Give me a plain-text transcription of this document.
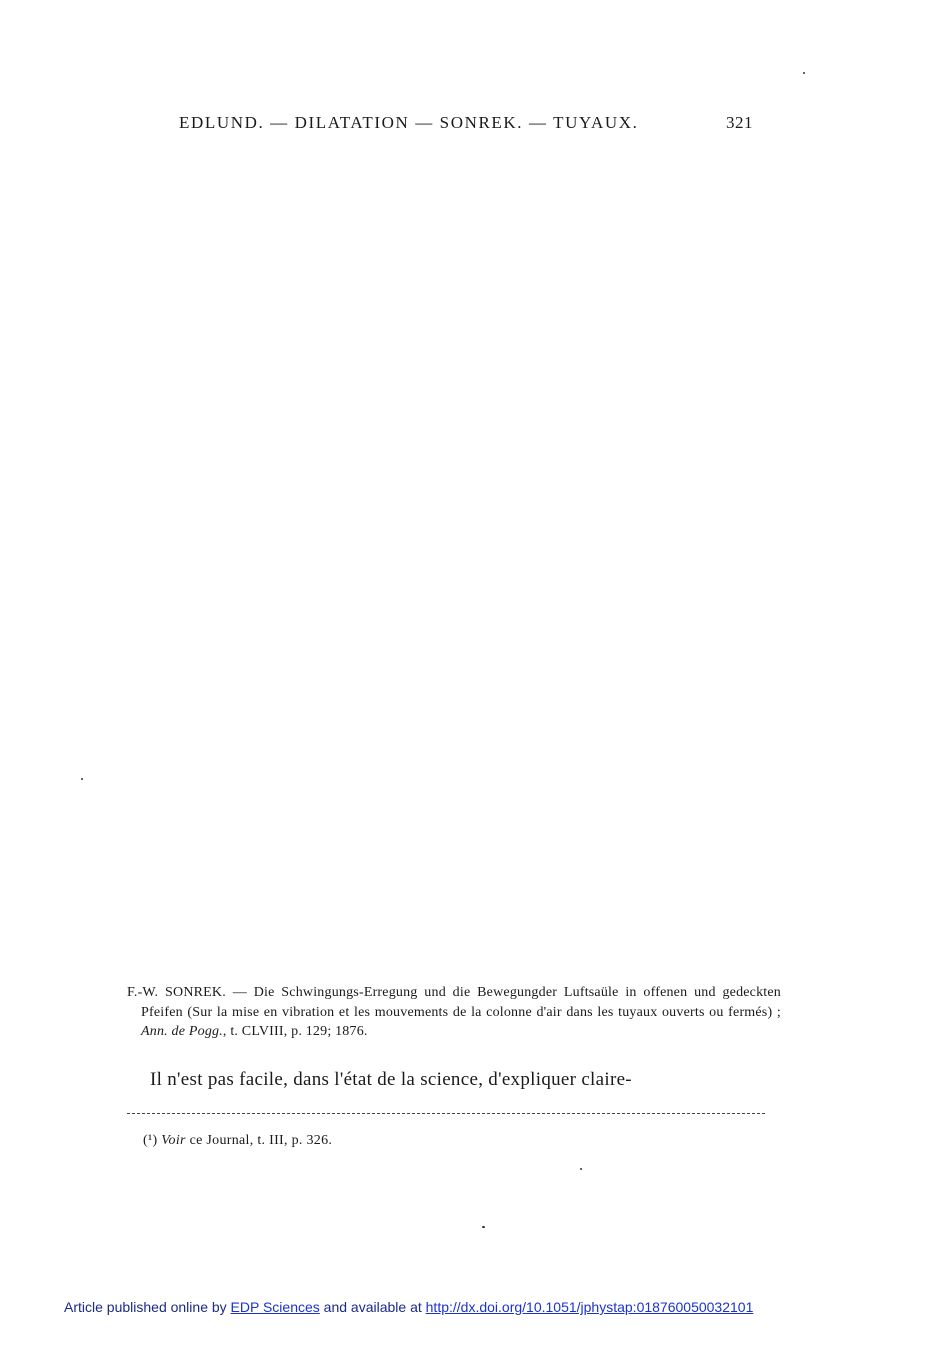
EDLUND. — DILATATION — SONREK. — TUYAUX.	321
F.-W. SONREK. — Die Schwingungs-Erregung und die Bewegungder Luftsaüle in offenen und gedeckten Pfeifen (Sur la mise en vibration et les mouvements de la colonne d'air dans les tuyaux ouverts ou fermés) ; Ann. de Pogg., t. CLVIII, p. 129; 1876.
Il n'est pas facile, dans l'état de la science, d'expliquer claire-
(¹) Voir ce Journal, t. III, p. 326.
Article published online by EDP Sciences and available at http://dx.doi.org/10.1051/jphystap:018760050032101
